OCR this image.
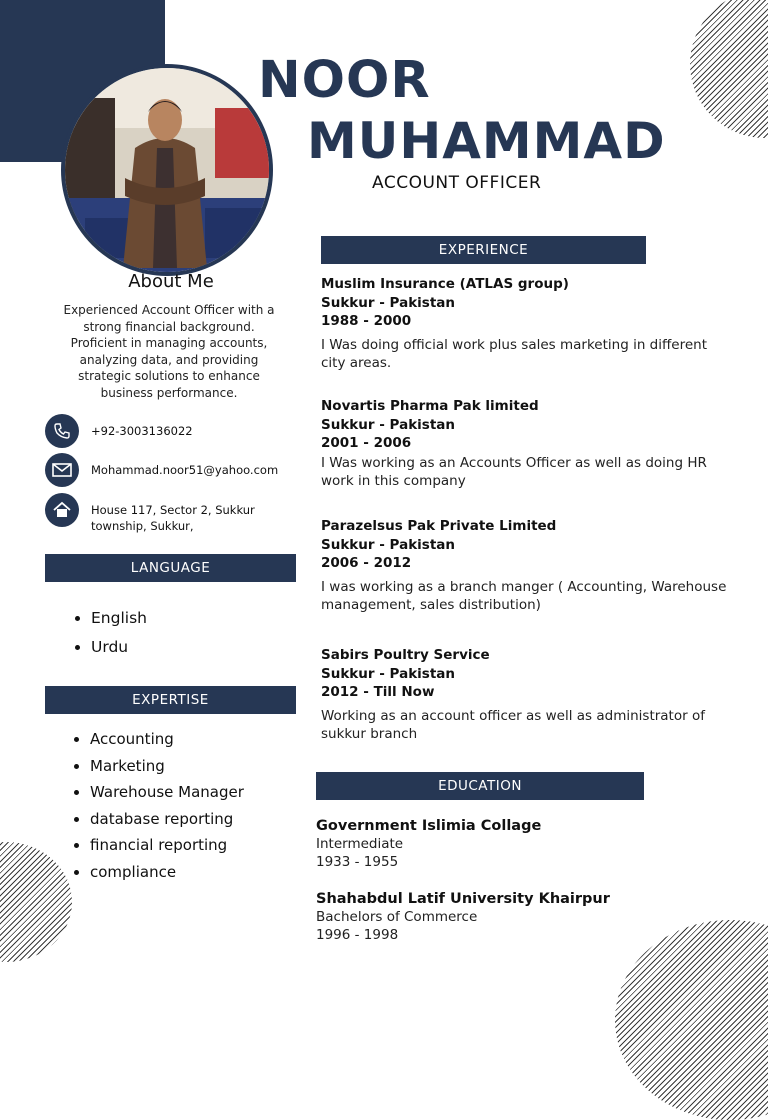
NOOR
MUHAMMAD
ACCOUNT OFFICER
About Me
Experienced Account Officer with a strong financial background. Proficient in managing accounts, analyzing data, and providing strategic solutions to enhance business performance.
+92-3003136022
Mohammad.noor51@yahoo.com
House 117, Sector 2, Sukkur
township, Sukkur,
LANGUAGE
English
Urdu
EXPERTISE
Accounting
Marketing
Warehouse Manager
database reporting
financial reporting
compliance
EXPERIENCE
Muslim Insurance (ATLAS group)
Sukkur - Pakistan
1988 - 2000
I Was doing official work plus sales marketing in different city areas.
Novartis Pharma Pak limited
Sukkur - Pakistan
2001 - 2006
I Was working as an Accounts Officer as well as doing HR work in this company
Parazelsus Pak Private Limited
Sukkur - Pakistan
2006 - 2012
I was working as a branch manger ( Accounting, Warehouse management, sales distribution)
Sabirs Poultry Service
Sukkur - Pakistan
2012 - Till Now
Working as an account officer as well as administrator of sukkur branch
EDUCATION
Government Islimia Collage
Intermediate
1933 - 1955
Shahabdul Latif University Khairpur
Bachelors of Commerce
1996 - 1998
